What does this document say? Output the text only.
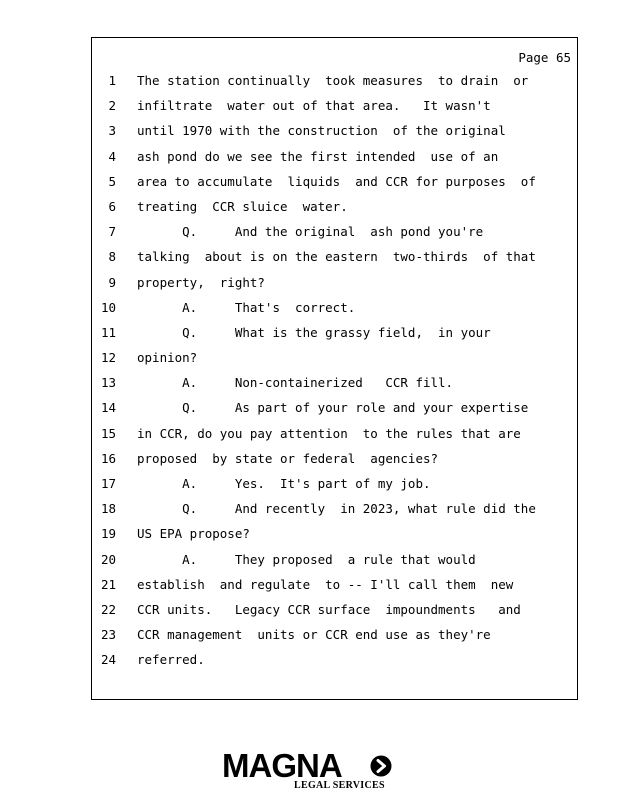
Page 65
1 The station continually  took measures  to drain  or
2 infiltrate  water out of that area.   It wasn't
3 until 1970 with the construction  of the original
4 ash pond do we see the first intended  use of an
5 area to accumulate  liquids  and CCR for purposes  of
6 treating  CCR sluice  water.
7 Q.     And the original  ash pond you're
8 talking  about is on the eastern  two-thirds  of that
9 property,  right?
10 A.     That's  correct.
11 Q.     What is the grassy field,  in your
12 opinion?
13 A.     Non-containerized   CCR fill.
14 Q.     As part of your role and your expertise
15 in CCR, do you pay attention  to the rules that are
16 proposed  by state or federal  agencies?
17 A.     Yes.  It's part of my job.
18 Q.     And recently  in 2023, what rule did the
19 US EPA propose?
20 A.     They proposed  a rule that would
21 establish  and regulate  to -- I'll call them  new
22 CCR units.   Legacy CCR surface  impoundments   and
23 CCR management  units or CCR end use as they're
24 referred.
MAGNA
LEGAL SERVICES
